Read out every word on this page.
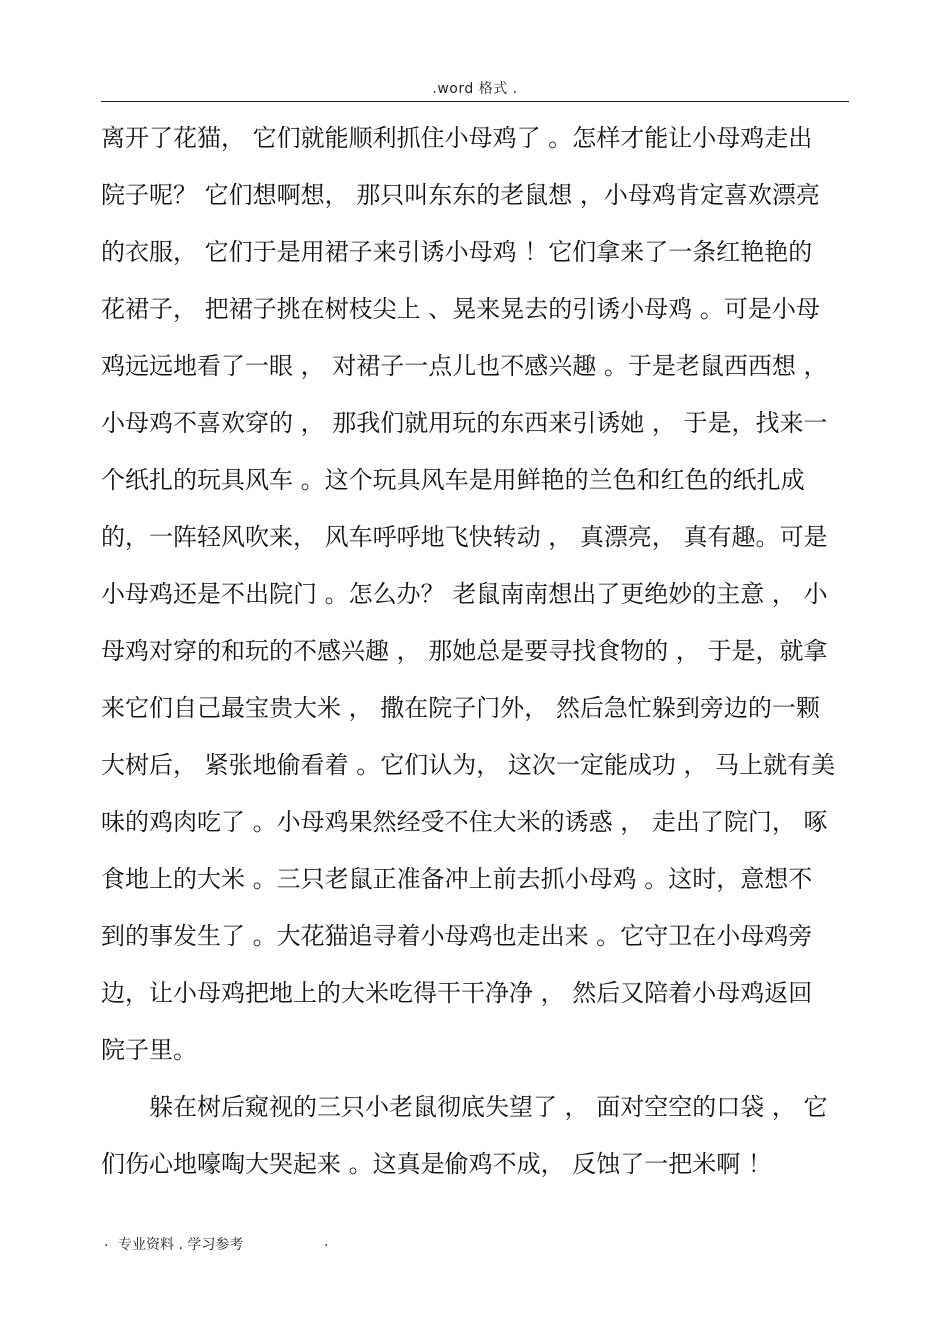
.word 格式 .
离开了花猫， 它们就能顺利抓住小母鸡了 。怎样才能让小母鸡走出
院子呢？ 它们想啊想， 那只叫东东的老鼠想 ，小母鸡肯定喜欢漂亮
的衣服， 它们于是用裙子来引诱小母鸡 ！它们拿来了一条红艳艳的
花裙子， 把裙子挑在树枝尖上 、晃来晃去的引诱小母鸡 。可是小母
鸡远远地看了一眼 ， 对裙子一点儿也不感兴趣 。于是老鼠西西想 ，
小母鸡不喜欢穿的 ， 那我们就用玩的东西来引诱她 ， 于是，找来一
个纸扎的玩具风车 。这个玩具风车是用鲜艳的兰色和红色的纸扎成
的，一阵轻风吹来， 风车呼呼地飞快转动 ， 真漂亮， 真有趣。可是
小母鸡还是不出院门 。怎么办？ 老鼠南南想出了更绝妙的主意 ， 小
母鸡对穿的和玩的不感兴趣 ， 那她总是要寻找食物的 ， 于是，就拿
来它们自己最宝贵大米 ， 撒在院子门外， 然后急忙躲到旁边的一颗
大树后， 紧张地偷看着 。它们认为， 这次一定能成功 ， 马上就有美
味的鸡肉吃了 。小母鸡果然经受不住大米的诱惑 ， 走出了院门， 啄
食地上的大米 。三只老鼠正准备冲上前去抓小母鸡 。这时，意想不
到的事发生了 。大花猫追寻着小母鸡也走出来 。它守卫在小母鸡旁
边，让小母鸡把地上的大米吃得干干净净 ， 然后又陪着小母鸡返回
院子里。
　　躲在树后窥视的三只小老鼠彻底失望了 ， 面对空空的口袋 ， 它
们伤心地嚎啕大哭起来 。这真是偷鸡不成， 反蚀了一把米啊 ！
. 专业资料 . 学习参考	.
